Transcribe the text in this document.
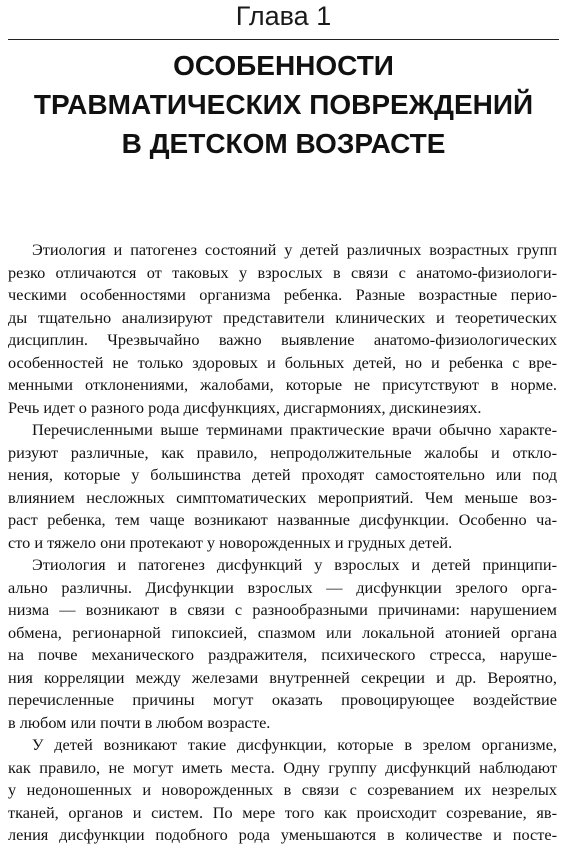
Глава 1
ОСОБЕННОСТИ
ТРАВМАТИЧЕСКИХ ПОВРЕЖДЕНИЙ
В ДЕТСКОМ ВОЗРАСТЕ
Этиология и патогенез состояний у детей различных возрастных групп
резко отличаются от таковых у взрослых в связи с анатомо-физиологи-
ческими особенностями организма ребенка. Разные возрастные перио-
ды тщательно анализируют представители клинических и теоретических
дисциплин. Чрезвычайно важно выявление анатомо-физиологических
особенностей не только здоровых и больных детей, но и ребенка с вре-
менными отклонениями, жалобами, которые не присутствуют в норме.
Речь идет о разного рода дисфункциях, дисгармониях, дискинезиях.
Перечисленными выше терминами практические врачи обычно характе-
ризуют различные, как правило, непродолжительные жалобы и откло-
нения, которые у большинства детей проходят самостоятельно или под
влиянием несложных симптоматических мероприятий. Чем меньше воз-
раст ребенка, тем чаще возникают названные дисфункции. Особенно ча-
сто и тяжело они протекают у новорожденных и грудных детей.
Этиология и патогенез дисфункций у взрослых и детей принципи-
ально различны. Дисфункции взрослых — дисфункции зрелого орга-
низма — возникают в связи с разнообразными причинами: нарушением
обмена, регионарной гипоксией, спазмом или локальной атонией органа
на почве механического раздражителя, психического стресса, наруше-
ния корреляции между железами внутренней секреции и др. Вероятно,
перечисленные причины могут оказать провоцирующее воздействие
в любом или почти в любом возрасте.
У детей возникают такие дисфункции, которые в зрелом организме,
как правило, не могут иметь места. Одну группу дисфункций наблюдают
у недоношенных и новорожденных в связи с созреванием их незрелых
тканей, органов и систем. По мере того как происходит созревание, яв-
ления дисфункции подобного рода уменьшаются в количестве и посте-
